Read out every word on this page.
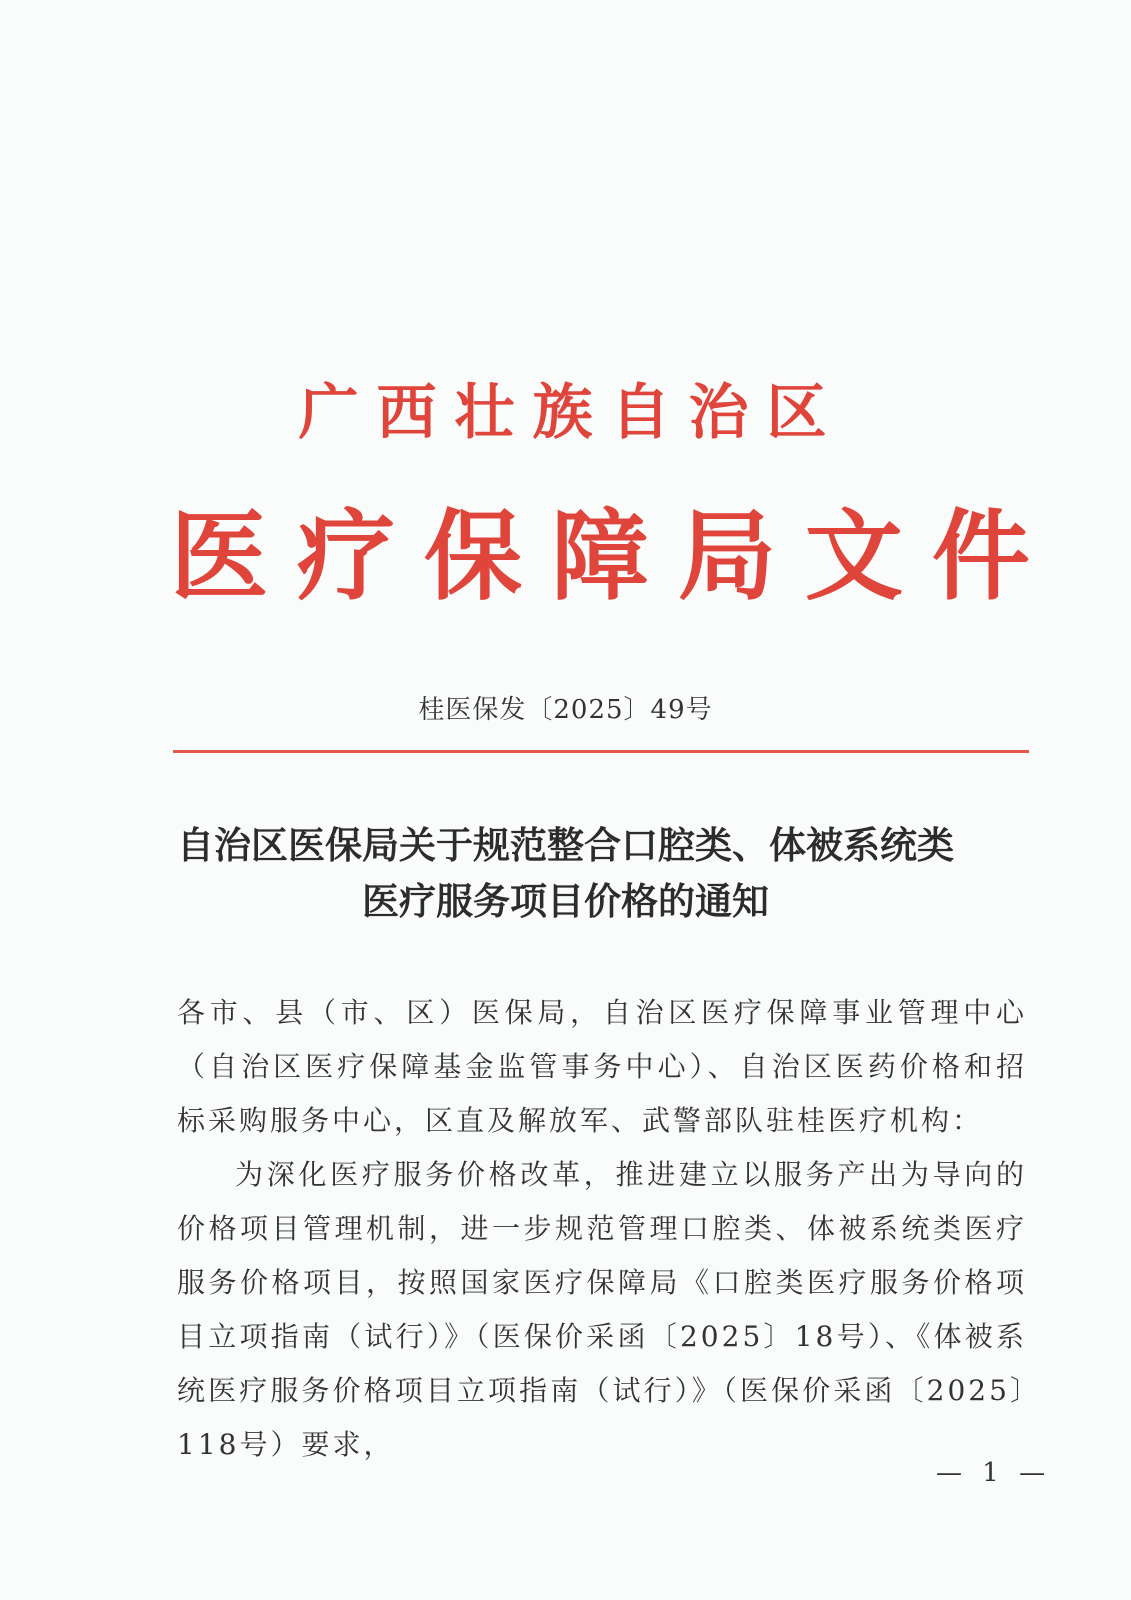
广西壮族自治区
医 疗 保 障 局 文 件
桂医保发〔2025〕49号
自治区医保局关于规范整合口腔类、体被系统类
医疗服务项目价格的通知

各市、县（市、区）医保局，自治区医疗保障事业管理中心（自治区医疗保障基金监管事务中心）、自治区医药价格和招标采购服务中心，区直及解放军、武警部队驻桂医疗机构：

为深化医疗服务价格改革，推进建立以服务产出为导向的价格项目管理机制，进一步规范管理口腔类、体被系统类医疗服务价格项目，按照国家医疗保障局《口腔类医疗服务价格项目立项指南（试行）》（医保价采函〔2025〕18号）、《体被系统医疗服务价格项目立项指南（试行）》（医保价采函〔2025〕118号）要求，

— 1 —
